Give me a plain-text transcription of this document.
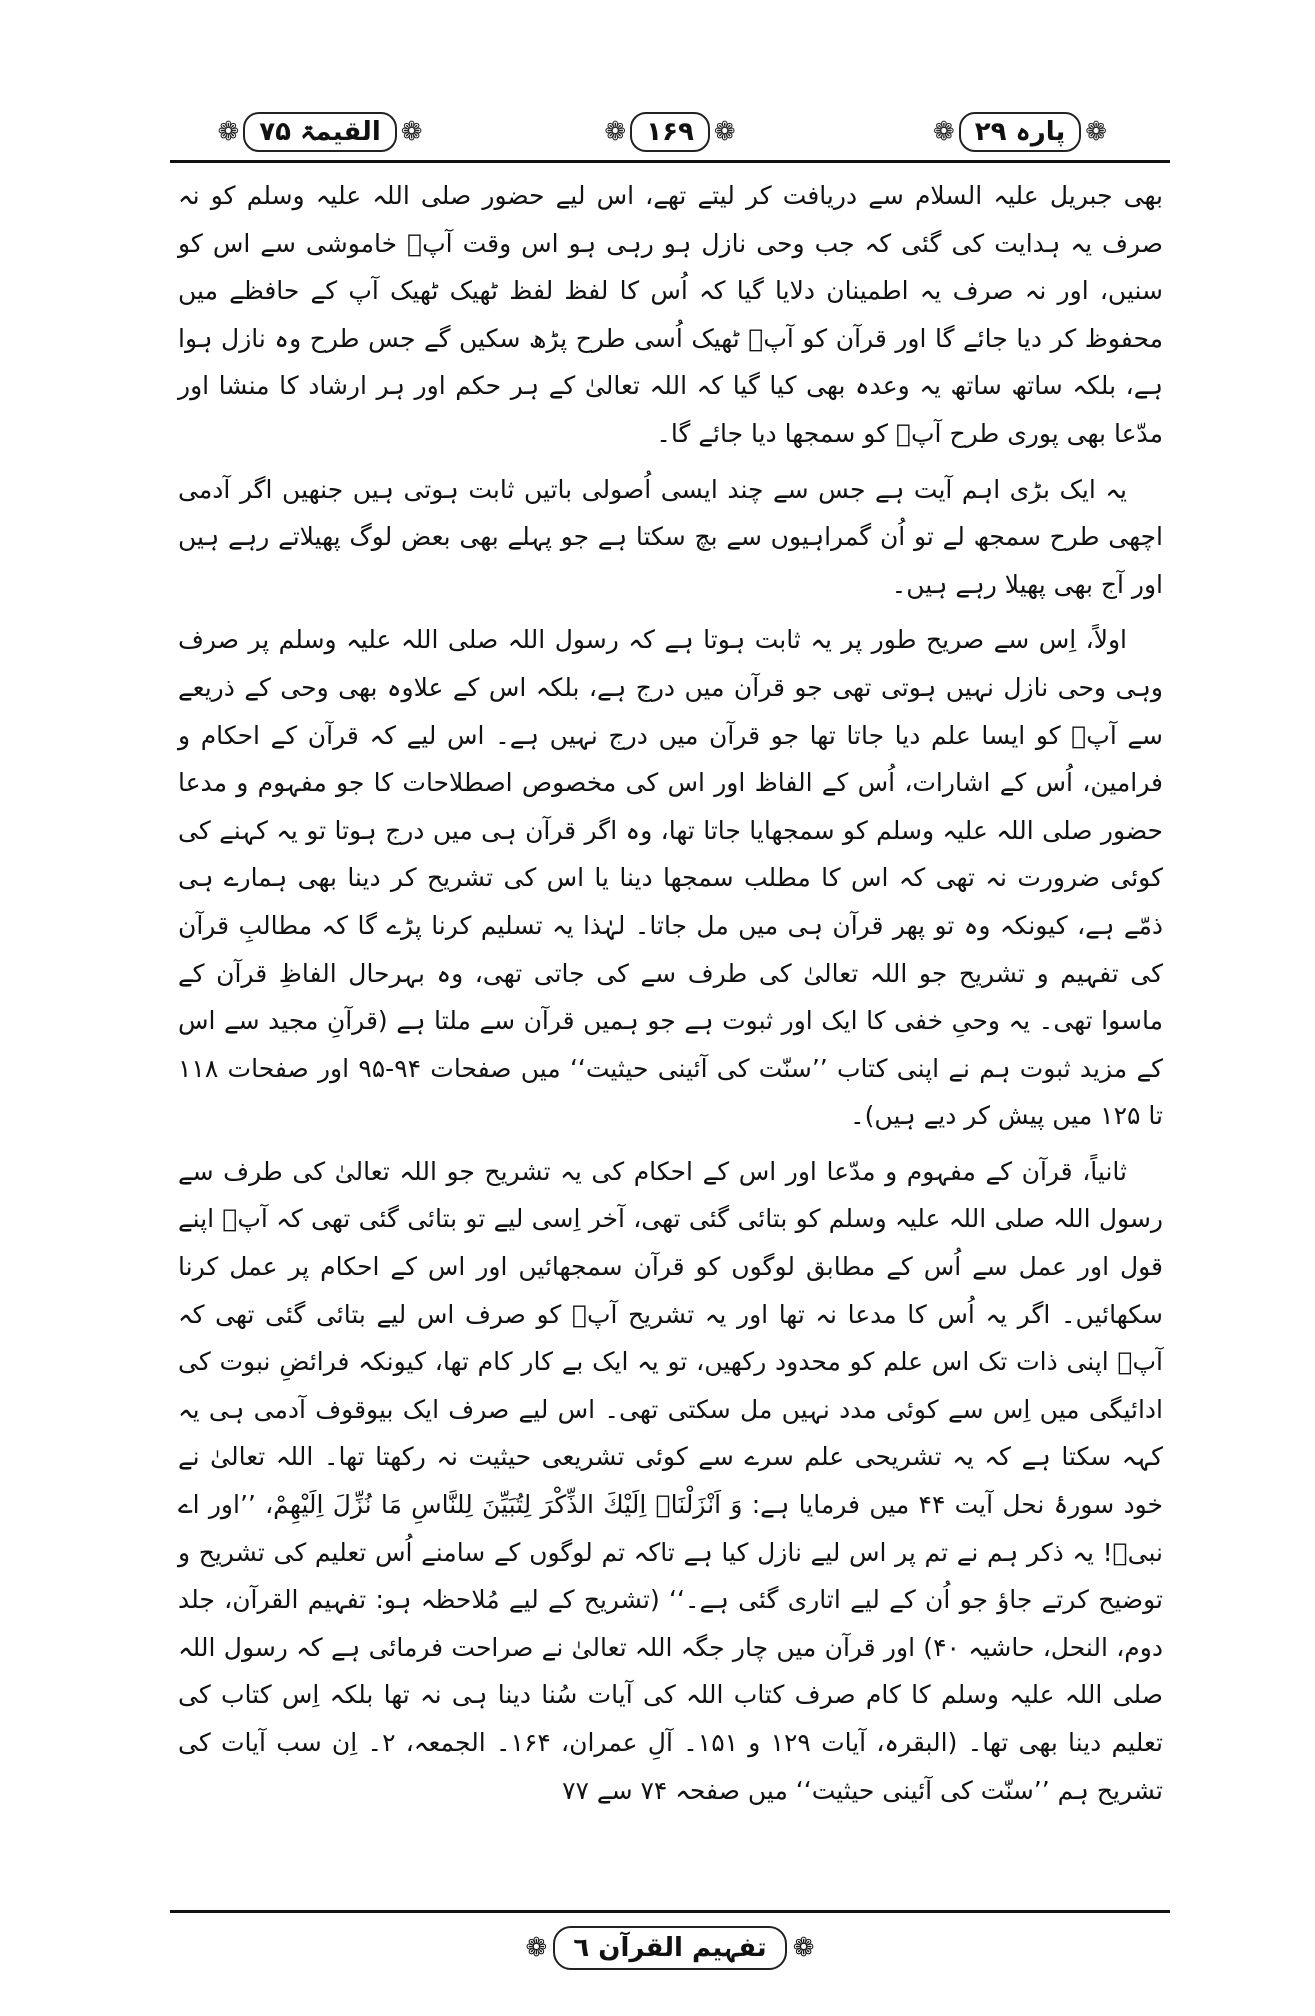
❁
پارہ ۲۹
❁
❁
۱۶۹
❁
❁
القیمۃ ۷۵
❁

بھی جبریل علیہ السلام سے دریافت کر لیتے تھے، اس لیے حضور صلی اللہ علیہ وسلم کو نہ صرف یہ ہدایت کی گئی کہ جب وحی نازل ہو رہی ہو اس وقت آپؐ خاموشی سے اس کو سنیں، اور نہ صرف یہ اطمینان دلایا گیا کہ اُس کا لفظ لفظ ٹھیک ٹھیک آپ کے حافظے میں محفوظ کر دیا جائے گا اور قرآن کو آپؐ ٹھیک اُسی طرح پڑھ سکیں گے جس طرح وہ نازل ہوا ہے، بلکہ ساتھ ساتھ یہ وعدہ بھی کیا گیا کہ اللہ تعالیٰ کے ہر حکم اور ہر ارشاد کا منشا اور مدّعا بھی پوری طرح آپؐ کو سمجھا دیا جائے گا۔

یہ ایک بڑی اہم آیت ہے جس سے چند ایسی اُصولی باتیں ثابت ہوتی ہیں جنھیں اگر آدمی اچھی طرح سمجھ لے تو اُن گمراہیوں سے بچ سکتا ہے جو پہلے بھی بعض لوگ پھیلاتے رہے ہیں اور آج بھی پھیلا رہے ہیں۔

اولاً، اِس سے صریح طور پر یہ ثابت ہوتا ہے کہ رسول اللہ صلی اللہ علیہ وسلم پر صرف وہی وحی نازل نہیں ہوتی تھی جو قرآن میں درج ہے، بلکہ اس کے علاوہ بھی وحی کے ذریعے سے آپؐ کو ایسا علم دیا جاتا تھا جو قرآن میں درج نہیں ہے۔ اس لیے کہ قرآن کے احکام و فرامین، اُس کے اشارات، اُس کے الفاظ اور اس کی مخصوص اصطلاحات کا جو مفہوم و مدعا حضور صلی اللہ علیہ وسلم کو سمجھایا جاتا تھا، وہ اگر قرآن ہی میں درج ہوتا تو یہ کہنے کی کوئی ضرورت نہ تھی کہ اس کا مطلب سمجھا دینا یا اس کی تشریح کر دینا بھی ہمارے ہی ذمّے ہے، کیونکہ وہ تو پھر قرآن ہی میں مل جاتا۔ لہٰذا یہ تسلیم کرنا پڑے گا کہ مطالبِ قرآن کی تفہیم و تشریح جو اللہ تعالیٰ کی طرف سے کی جاتی تھی، وہ بہرحال الفاظِ قرآن کے ماسوا تھی۔ یہ وحیِ خفی کا ایک اور ثبوت ہے جو ہمیں قرآن سے ملتا ہے (قرآنِ مجید سے اس کے مزید ثبوت ہم نے اپنی کتاب ’’سنّت کی آئینی حیثیت‘‘ میں صفحات ۹۴-۹۵ اور صفحات ۱۱۸ تا ۱۲۵ میں پیش کر دیے ہیں)۔

ثانیاً، قرآن کے مفہوم و مدّعا اور اس کے احکام کی یہ تشریح جو اللہ تعالیٰ کی طرف سے رسول اللہ صلی اللہ علیہ وسلم کو بتائی گئی تھی، آخر اِسی لیے تو بتائی گئی تھی کہ آپؐ اپنے قول اور عمل سے اُس کے مطابق لوگوں کو قرآن سمجھائیں اور اس کے احکام پر عمل کرنا سکھائیں۔ اگر یہ اُس کا مدعا نہ تھا اور یہ تشریح آپؐ کو صرف اس لیے بتائی گئی تھی کہ آپؐ اپنی ذات تک اس علم کو محدود رکھیں، تو یہ ایک بے کار کام تھا، کیونکہ فرائضِ نبوت کی ادائیگی میں اِس سے کوئی مدد نہیں مل سکتی تھی۔ اس لیے صرف ایک بیوقوف آدمی ہی یہ کہہ سکتا ہے کہ یہ تشریحی علم سرے سے کوئی تشریعی حیثیت نہ رکھتا تھا۔ اللہ تعالیٰ نے خود سورۂ نحل آیت ۴۴ میں فرمایا ہے: وَ اَنْزَلْنَاۤ اِلَیْكَ الذِّكْرَ لِتُبَیِّنَ لِلنَّاسِ مَا نُزِّلَ اِلَیْهِمْ، ’’اور اے نبیؐ! یہ ذکر ہم نے تم پر اس لیے نازل کیا ہے تاکہ تم لوگوں کے سامنے اُس تعلیم کی تشریح و توضیح کرتے جاؤ جو اُن کے لیے اتاری گئی ہے۔‘‘ (تشریح کے لیے مُلاحظہ ہو: تفہیم القرآن، جلد دوم، النحل، حاشیہ ۴۰) اور قرآن میں چار جگہ اللہ تعالیٰ نے صراحت فرمائی ہے کہ رسول اللہ صلی اللہ علیہ وسلم کا کام صرف کتاب اللہ کی آیات سُنا دینا ہی نہ تھا بلکہ اِس کتاب کی تعلیم دینا بھی تھا۔ (البقرہ، آیات ۱۲۹ و ۱۵۱۔ آلِ عمران، ۱۶۴۔ الجمعہ، ۲۔ اِن سب آیات کی تشریح ہم ’’سنّت کی آئینی حیثیت‘‘ میں صفحہ ۷۴ سے ۷۷

❁
تفہیم القرآن ٦
❁
